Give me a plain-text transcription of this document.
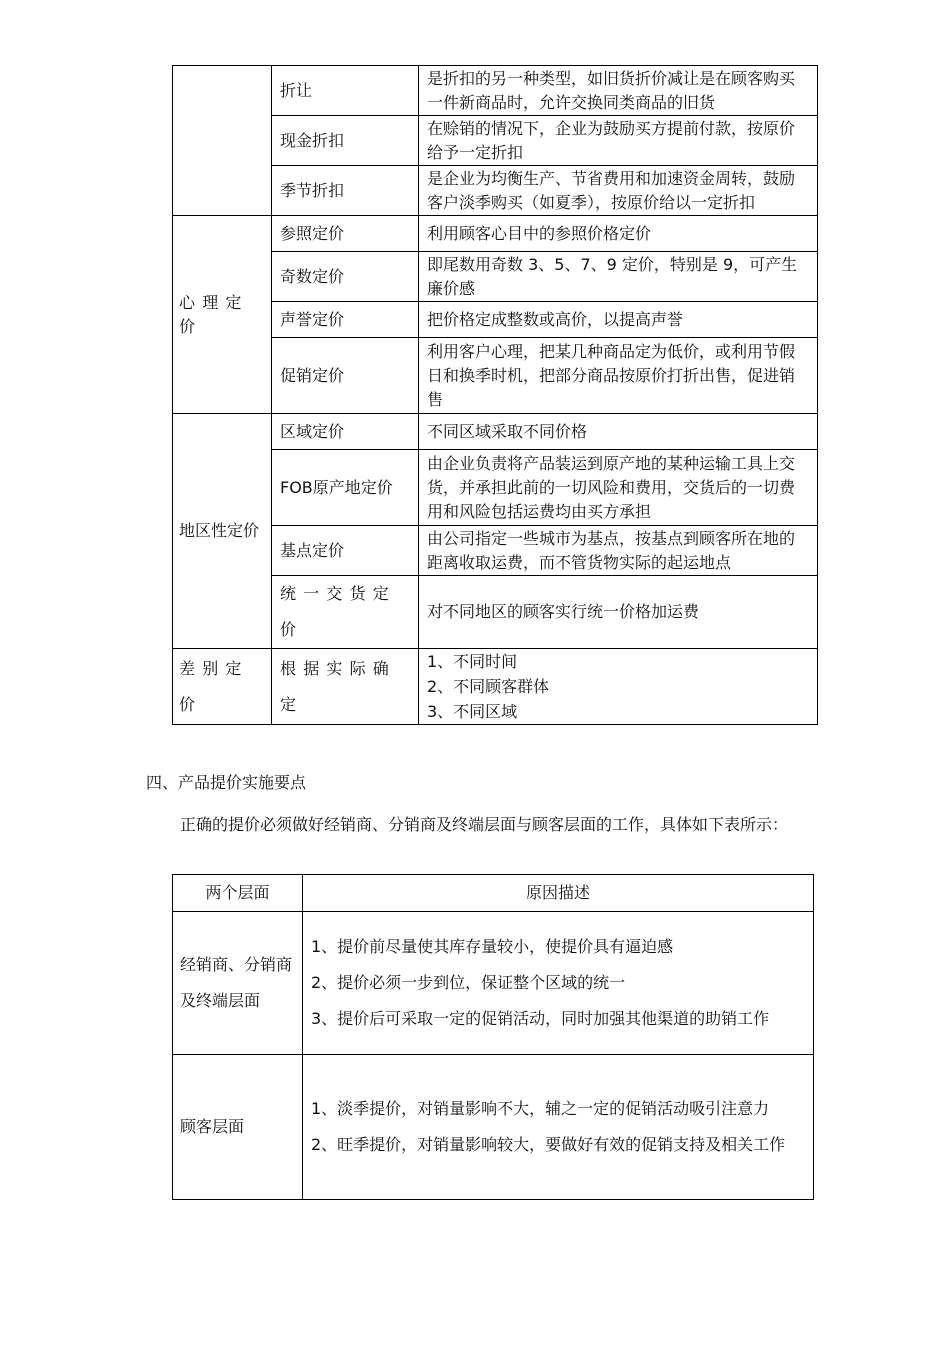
	折让	是折扣的另一种类型，如旧货折价减让是在顾客购买一件新商品时，允许交换同类商品的旧货
	现金折扣	在赊销的情况下，企业为鼓励买方提前付款，按原价给予一定折扣
	季节折扣	是企业为均衡生产、节省费用和加速资金周转，鼓励客户淡季购买（如夏季），按原价给以一定折扣
心理定价	参照定价	利用顾客心目中的参照价格定价
	奇数定价	即尾数用奇数 3、5、7、9 定价，特别是 9，可产生廉价感
	声誉定价	把价格定成整数或高价，以提高声誉
	促销定价	利用客户心理，把某几种商品定为低价，或利用节假日和换季时机，把部分商品按原价打折出售，促进销售
地区性定价	区域定价	不同区域采取不同价格
	FOB原产地定价	由企业负责将产品装运到原产地的某种运输工具上交货，并承担此前的一切风险和费用，交货后的一切费用和风险包括运费均由买方承担
	基点定价	由公司指定一些城市为基点，按基点到顾客所在地的距离收取运费，而不管货物实际的起运地点
	统一交货定价	对不同地区的顾客实行统一价格加运费
差别定价	根据实际确定	1、不同时间
2、不同顾客群体
3、不同区域
四、产品提价实施要点
正确的提价必须做好经销商、分销商及终端层面与顾客层面的工作，具体如下表所示：
两个层面	原因描述
经销商、分销商及终端层面	1、提价前尽量使其库存量较小，使提价具有逼迫感
2、提价必须一步到位，保证整个区域的统一
3、提价后可采取一定的促销活动，同时加强其他渠道的助销工作

顾客层面	1、淡季提价，对销量影响不大，辅之一定的促销活动吸引注意力
2、旺季提价，对销量影响较大，要做好有效的促销支持及相关工作
